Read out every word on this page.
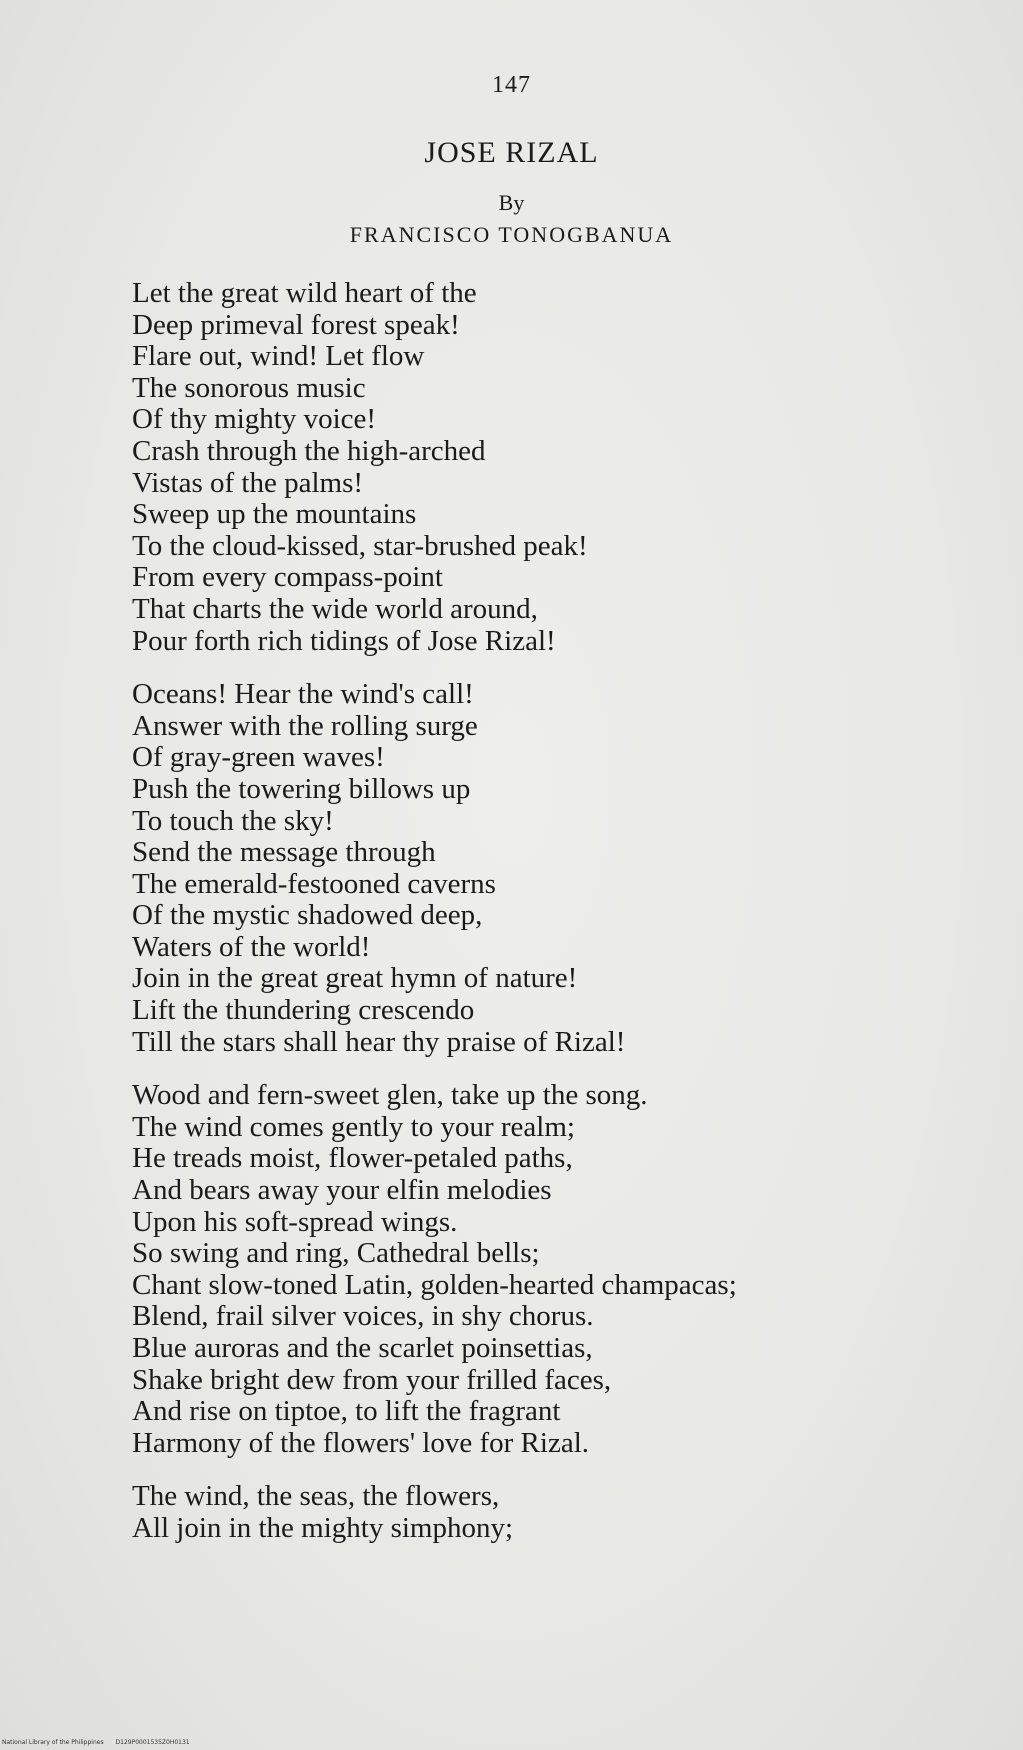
147
JOSE RIZAL
By
FRANCISCO TONOGBANUA
Let the great wild heart of the
Deep primeval forest speak!
Flare out, wind! Let flow
The sonorous music
Of thy mighty voice!
Crash through the high-arched
Vistas of the palms!
Sweep up the mountains
To the cloud-kissed, star-brushed peak!
From every compass-point
That charts the wide world around,
Pour forth rich tidings of Jose Rizal!
Oceans! Hear the wind's call!
Answer with the rolling surge
Of gray-green waves!
Push the towering billows up
To touch the sky!
Send the message through
The emerald-festooned caverns
Of the mystic shadowed deep,
Waters of the world!
Join in the great great hymn of nature!
Lift the thundering crescendo
Till the stars shall hear thy praise of Rizal!
Wood and fern-sweet glen, take up the song.
The wind comes gently to your realm;
He treads moist, flower-petaled paths,
And bears away your elfin melodies
Upon his soft-spread wings.
So swing and ring, Cathedral bells;
Chant slow-toned Latin, golden-hearted champacas;
Blend, frail silver voices, in shy chorus.
Blue auroras and the scarlet poinsettias,
Shake bright dew from your frilled faces,
And rise on tiptoe, to lift the fragrant
Harmony of the flowers' love for Rizal.
The wind, the seas, the flowers,
All join in the mighty simphony;
National Library of the Philippines D129P0001535Z0H0131
